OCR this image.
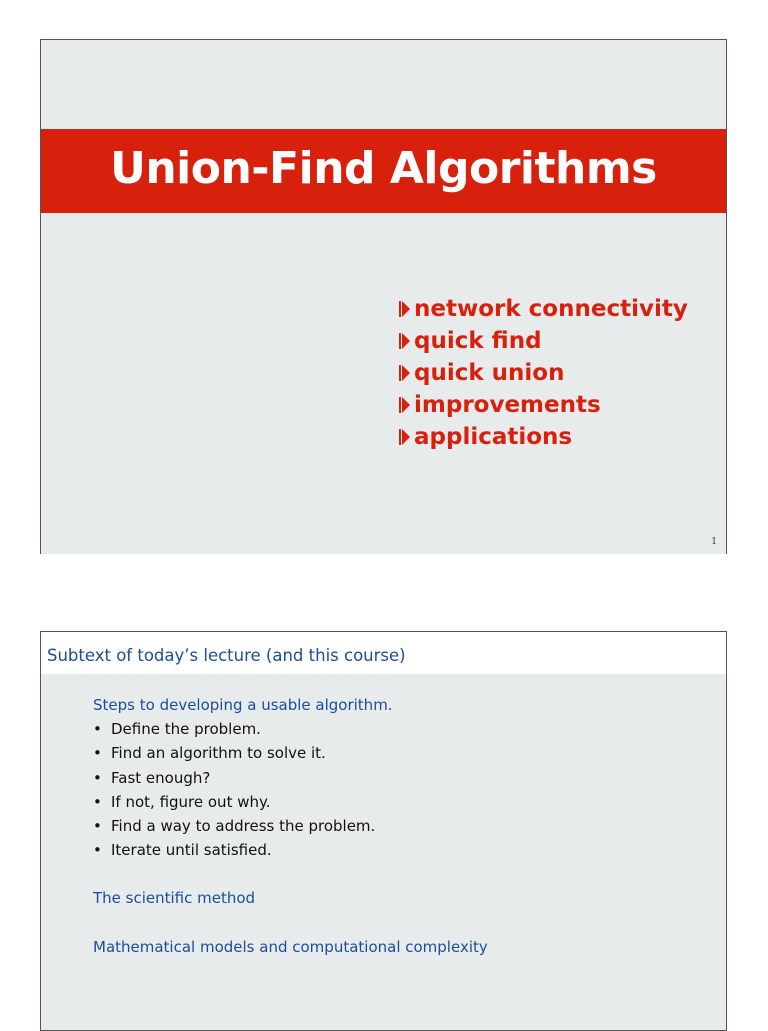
Union-Find Algorithms
network connectivity
quick find
quick union
improvements
applications
1
Subtext of today’s lecture (and this course)
Steps to developing a usable algorithm.
• Define the problem.
• Find an algorithm to solve it.
• Fast enough?
• If not, figure out why.
• Find a way to address the problem.
• Iterate until satisfied.
The scientific method
Mathematical models and computational complexity
